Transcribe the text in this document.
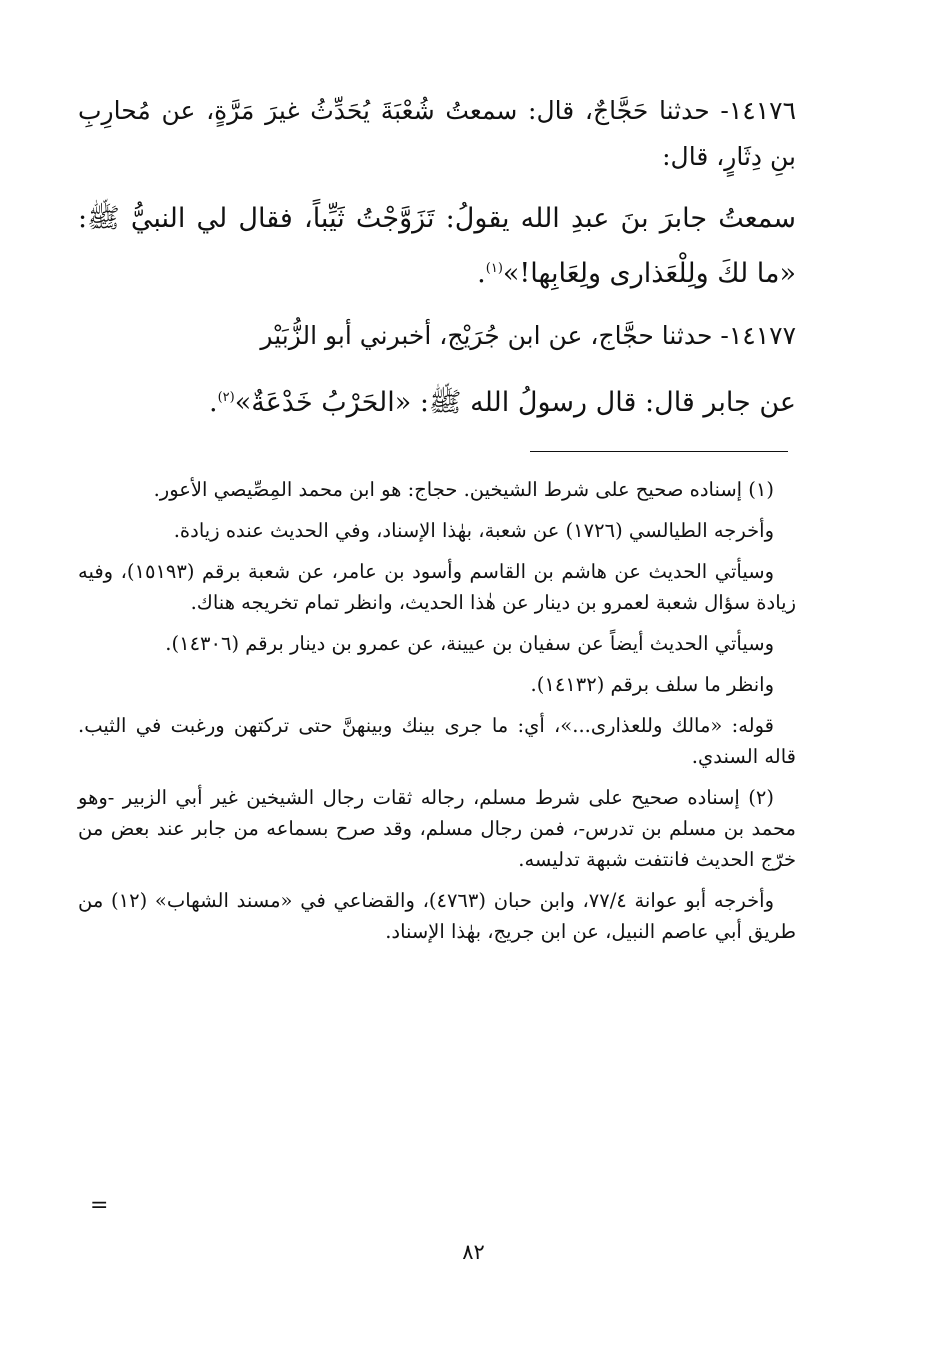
١٤١٧٦- حدثنا حَجَّاجٌ، قال: سمعتُ شُعْبَةَ يُحَدِّثُ غيرَ مَرَّةٍ، عن مُحارِبِ بنِ دِثَارٍ، قال:

سمعتُ جابرَ بنَ عبدِ الله يقولُ: تَزَوَّجْتُ ثَيِّباً، فقال لي النبيُّ ﷺ: «ما لكَ ولِلْعَذارى ولِعَابِها!»$^{(١)}$.

١٤١٧٧- حدثنا حجَّاج، عن ابن جُرَيْج، أخبرني أبو الزُّبَيْر

عن جابر قال: قال رسولُ الله ﷺ: «الحَرْبُ خَدْعَةٌ»$^{(٢)}$.

(١) إسناده صحيح على شرط الشيخين. حجاج: هو ابن محمد المِصِّيصي الأعور.

وأخرجه الطيالسي (١٧٢٦) عن شعبة، بهٰذا الإسناد، وفي الحديث عنده زيادة.

وسيأتي الحديث عن هاشم بن القاسم وأسود بن عامر، عن شعبة برقم (١٥١٩٣)، وفيه زيادة سؤال شعبة لعمرو بن دينار عن هٰذا الحديث، وانظر تمام تخريجه هناك.

وسيأتي الحديث أيضاً عن سفيان بن عيينة، عن عمرو بن دينار برقم (١٤٣٠٦).

وانظر ما سلف برقم (١٤١٣٢).

قوله: «مالك وللعذارى...»، أي: ما جرى بينك وبينهنَّ حتى تركتهن ورغبت في الثيب. قاله السندي.

(٢) إسناده صحيح على شرط مسلم، رجاله ثقات رجال الشيخين غير أبي الزبير -وهو محمد بن مسلم بن تدرس-، فمن رجال مسلم، وقد صرح بسماعه من جابر عند بعض من خرّج الحديث فانتفت شبهة تدليسه.

وأخرجه أبو عوانة ٧٧/٤، وابن حبان (٤٧٦٣)، والقضاعي في «مسند الشهاب» (١٢) من طريق أبي عاصم النبيل، عن ابن جريج، بهٰذا الإسناد.

=
٨٢
